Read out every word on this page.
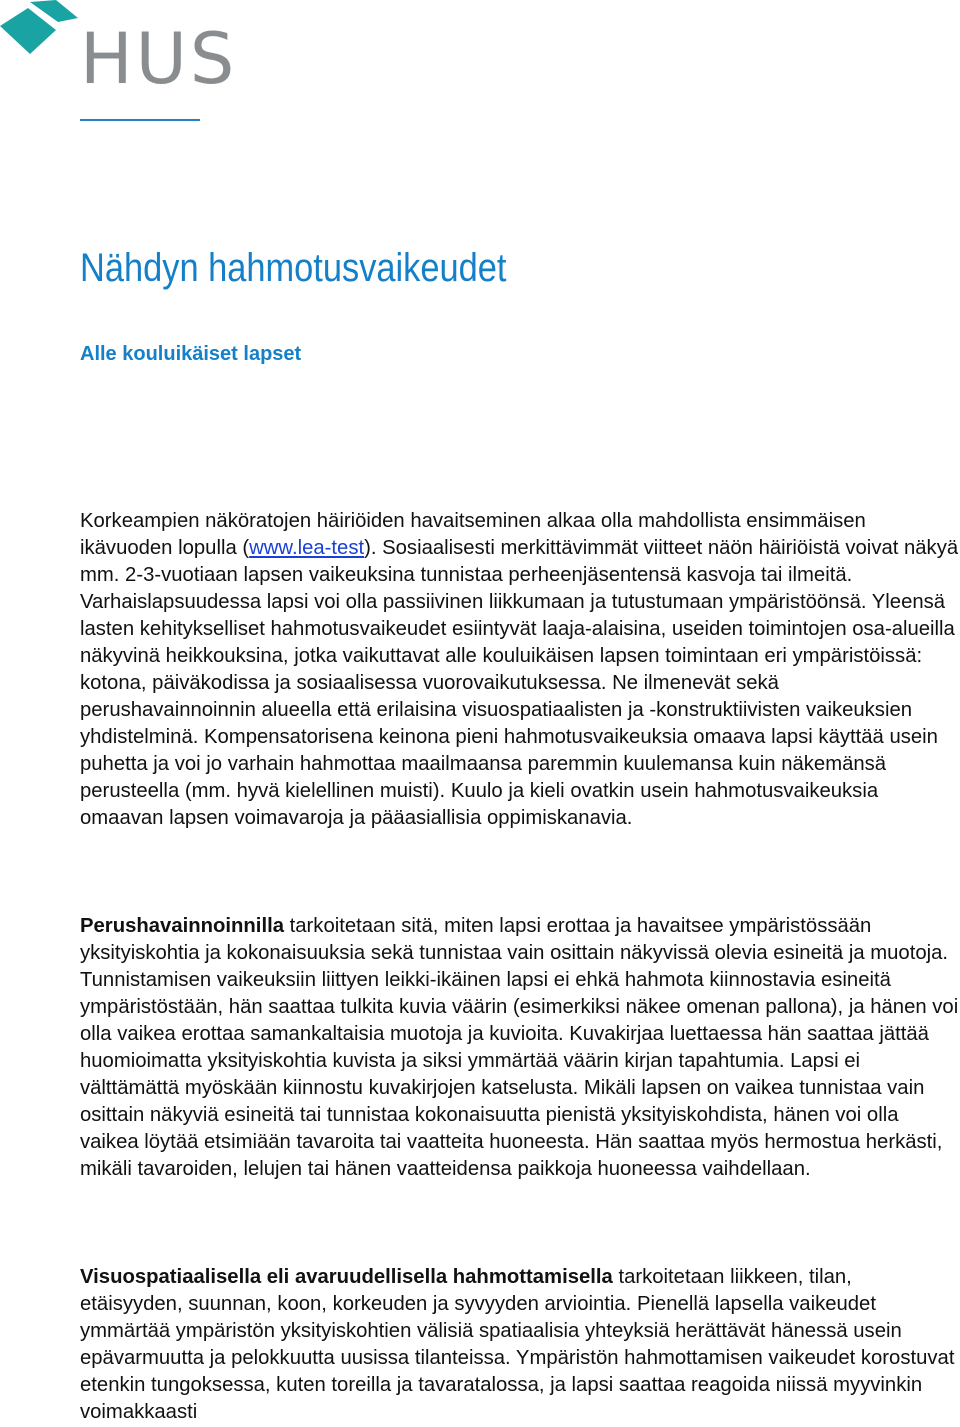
HUS
Nähdyn hahmotusvaikeudet
Alle kouluikäiset lapset

Korkeampien näköratojen häiriöiden havaitseminen alkaa olla mahdollista ensimmäisen ikävuoden lopulla (www.lea-test). Sosiaalisesti merkittävimmät viitteet näön häiriöistä voivat näkyä mm. 2-3-vuotiaan lapsen vaikeuksina tunnistaa perheenjäsentensä kasvoja tai ilmeitä. Varhaislapsuudessa lapsi voi olla passiivinen liikkumaan ja tutustumaan ympäristöönsä. Yleensä lasten kehitykselliset hahmotusvaikeudet esiintyvät laaja-alaisina, useiden toimintojen osa-alueilla näkyvinä heikkouksina, jotka vaikuttavat alle kouluikäisen lapsen toimintaan eri ympäristöissä: kotona, päiväkodissa ja sosiaalisessa vuorovaikutuksessa. Ne ilmenevät sekä perushavainnoinnin alueella että erilaisina visuospatiaalisten ja -konstruktiivisten vaikeuksien yhdistelminä. Kompensatorisena keinona pieni hahmotusvaikeuksia omaava lapsi käyttää usein puhetta ja voi jo varhain hahmottaa maailmaansa paremmin kuulemansa kuin näkemänsä perusteella (mm. hyvä kielellinen muisti). Kuulo ja kieli ovatkin usein hahmotusvaikeuksia omaavan lapsen voimavaroja ja pääasiallisia oppimiskanavia.

Perushavainnoinnilla tarkoitetaan sitä, miten lapsi erottaa ja havaitsee ympäristössään yksityiskohtia ja kokonaisuuksia sekä tunnistaa vain osittain näkyvissä olevia esineitä ja muotoja. Tunnistamisen vaikeuksiin liittyen leikki-ikäinen lapsi ei ehkä hahmota kiinnostavia esineitä ympäristöstään, hän saattaa tulkita kuvia väärin (esimerkiksi näkee omenan pallona), ja hänen voi olla vaikea erottaa samankaltaisia muotoja ja kuvioita. Kuvakirjaa luettaessa hän saattaa jättää huomioimatta yksityiskohtia kuvista ja siksi ymmärtää väärin kirjan tapahtumia. Lapsi ei välttämättä myöskään kiinnostu kuvakirjojen katselusta. Mikäli lapsen on vaikea tunnistaa vain osittain näkyviä esineitä tai tunnistaa kokonaisuutta pienistä yksityiskohdista, hänen voi olla vaikea löytää etsimiään tavaroita tai vaatteita huoneesta. Hän saattaa myös hermostua herkästi, mikäli tavaroiden, lelujen tai hänen vaatteidensa paikkoja huoneessa vaihdellaan.

Visuospatiaalisella eli avaruudellisella hahmottamisella tarkoitetaan liikkeen, tilan, etäisyyden, suunnan, koon, korkeuden ja syvyyden arviointia. Pienellä lapsella vaikeudet ymmärtää ympäristön yksityiskohtien välisiä spatiaalisia yhteyksiä herättävät hänessä usein epävarmuutta ja pelokkuutta uusissa tilanteissa. Ympäristön hahmottamisen vaikeudet korostuvat etenkin tungoksessa, kuten toreilla ja tavaratalossa, ja lapsi saattaa reagoida niissä myyvinkin voimakkaasti
